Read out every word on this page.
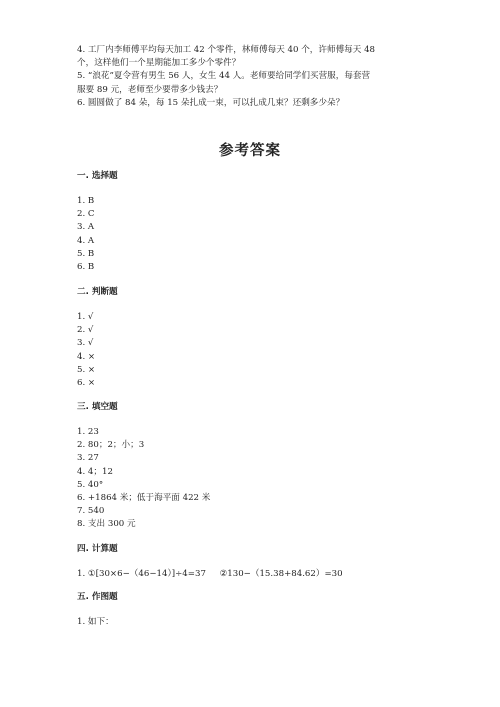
4. 工厂内李师傅平均每天加工 42 个零件，林师傅每天 40 个，许师傅每天 48
个，这样他们一个星期能加工多少个零件？
5. “浪花”夏令营有男生 56 人，女生 44 人。老师要给同学们买营服，每套营
服要 89 元，老师至少要带多少钱去？
6. 圆圆做了 84 朵，每 15 朵扎成一束，可以扎成几束？还剩多少朵？
参考答案
一. 选择题
1. B
2. C
3. A
4. A
5. B
6. B
二. 判断题
1. √
2. √
3. √
4. ×
5. ×
6. ×
三. 填空题
1. 23
2. 80；2；小；3
3. 27
4. 4；12
5. 40°
6. +1864 米；低于海平面 422 米
7. 540
8. 支出 300 元
四. 计算题
1. ①[30×6−（46−14）]÷4=37     ②130−（15.38+84.62）=30
五. 作图题
1. 如下：
